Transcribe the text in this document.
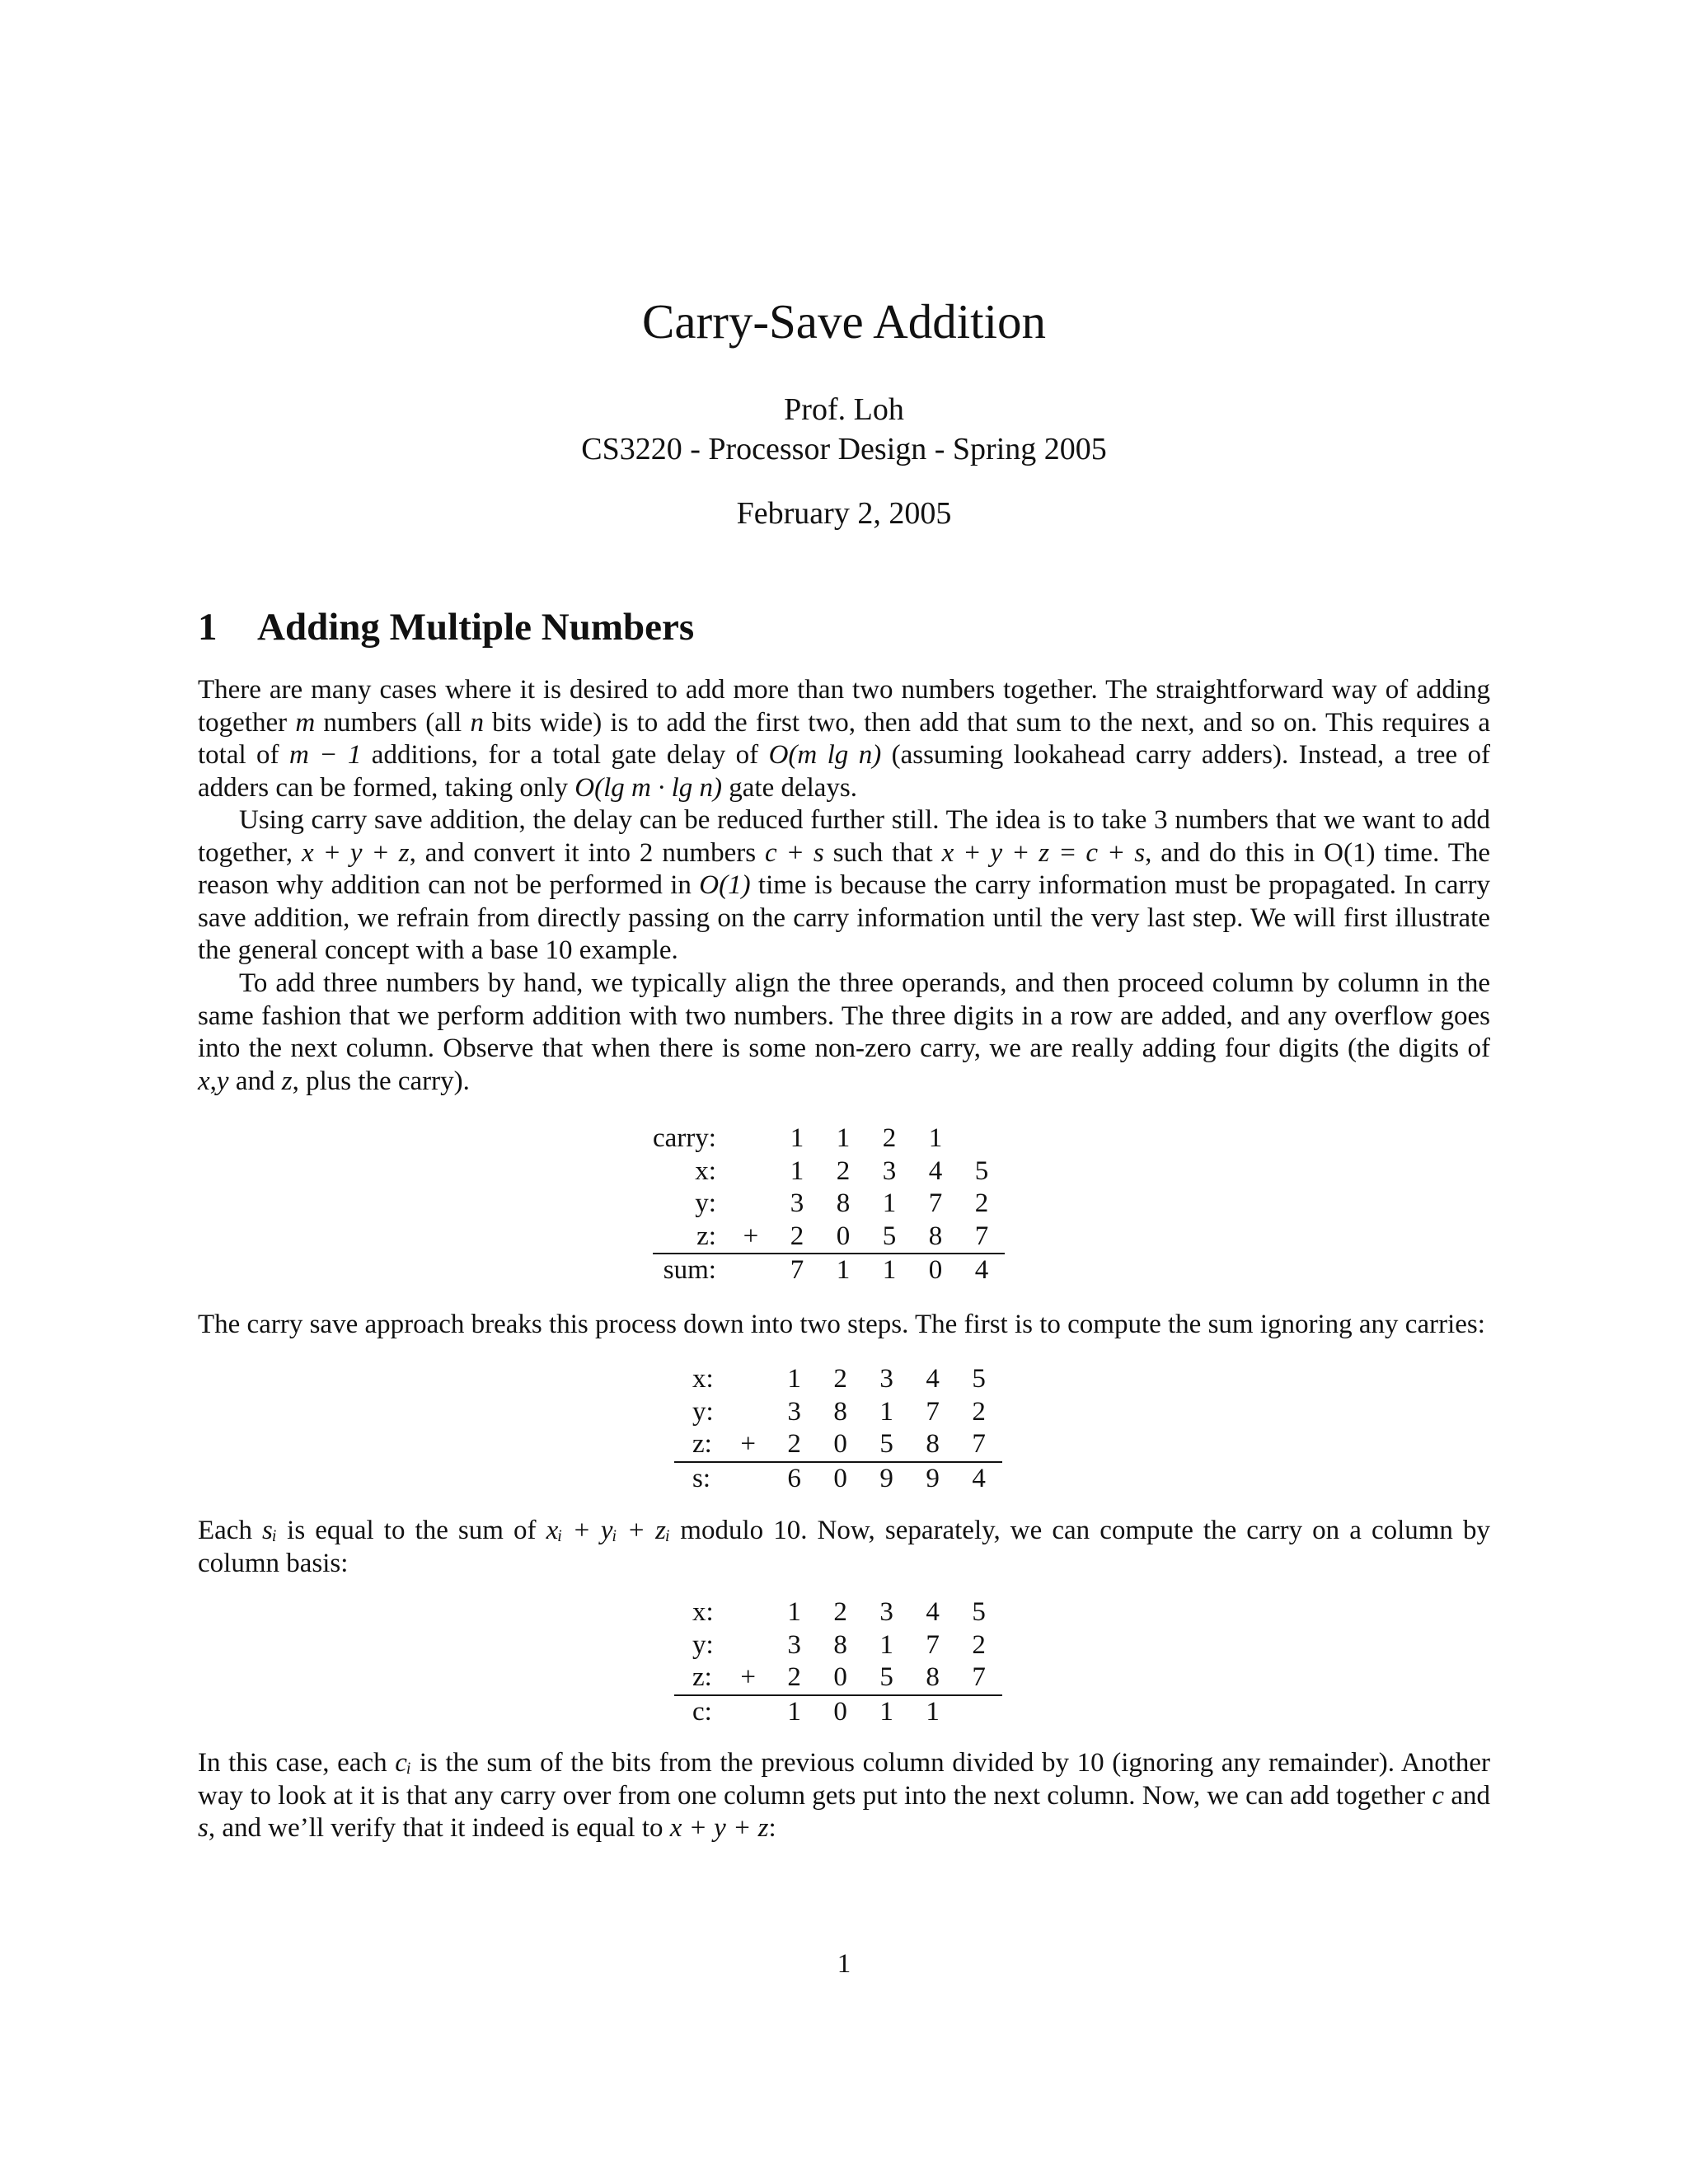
Carry-Save Addition
Prof. Loh
CS3220 - Processor Design - Spring 2005
February 2, 2005
1 Adding Multiple Numbers

There are many cases where it is desired to add more than two numbers together. The straightforward way of adding together m numbers (all n bits wide) is to add the first two, then add that sum to the next, and so on. This requires a total of m − 1 additions, for a total gate delay of O(m lg n) (assuming lookahead carry adders). Instead, a tree of adders can be formed, taking only O(lg m · lg n) gate delays.

Using carry save addition, the delay can be reduced further still. The idea is to take 3 numbers that we want to add together, x + y + z, and convert it into 2 numbers c + s such that x + y + z = c + s, and do this in O(1) time. The reason why addition can not be performed in O(1) time is because the carry information must be propagated. In carry save addition, we refrain from directly passing on the carry information until the very last step. We will first illustrate the general concept with a base 10 example.

To add three numbers by hand, we typically align the three operands, and then proceed column by column in the same fashion that we perform addition with two numbers. The three digits in a row are added, and any overflow goes into the next column. Observe that when there is some non-zero carry, we are really adding four digits (the digits of x,y and z, plus the carry).

carry:		1	1	2	1	
x:		1	2	3	4	5
y:		3	8	1	7	2
z:	+	2	0	5	8	7
sum:		7	1	1	0	4

The carry save approach breaks this process down into two steps. The first is to compute the sum ignoring any carries:

x:		1	2	3	4	5
y:		3	8	1	7	2
z:	+	2	0	5	8	7
s:		6	0	9	9	4

Each sᵢ is equal to the sum of xᵢ + yᵢ + zᵢ modulo 10. Now, separately, we can compute the carry on a column by column basis:

x:		1	2	3	4	5
y:		3	8	1	7	2
z:	+	2	0	5	8	7
c:		1	0	1	1	

In this case, each cᵢ is the sum of the bits from the previous column divided by 10 (ignoring any remainder). Another way to look at it is that any carry over from one column gets put into the next column. Now, we can add together c and s, and we’ll verify that it indeed is equal to x + y + z:

1
